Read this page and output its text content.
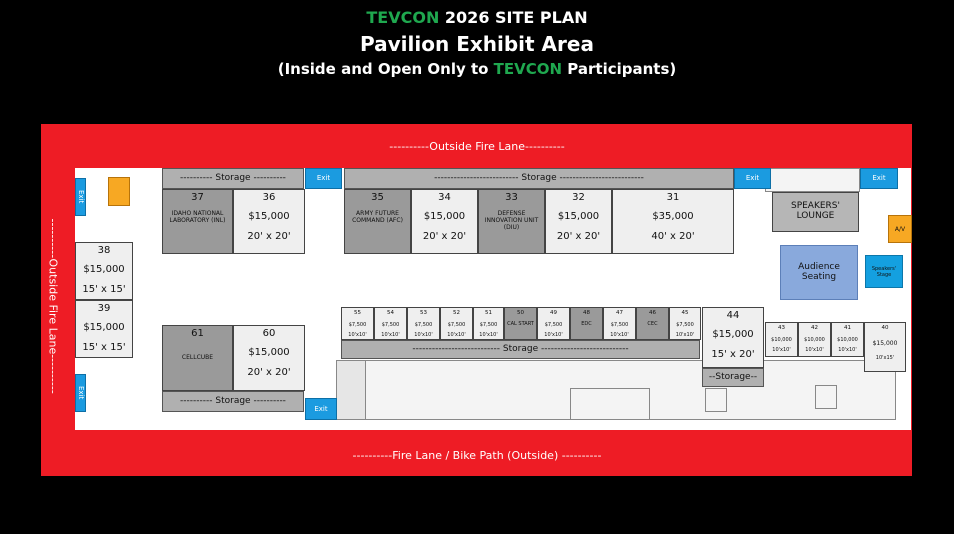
TEVCON 2026 SITE PLAN
Pavilion Exhibit Area
(Inside and Open Only to TEVCON Participants)
----------Outside Fire Lane----------
----------Fire Lane / Bike Path (Outside) ----------
----------Outside Fire Lane----------
---------- Storage ----------	-------------------------- Storage --------------------------
--------------------------- Storage ---------------------------
---------- Storage ----------
--Storage--
Exit	Exit	Exit
Exit
Exit
Exit
37
IDAHO NATIONAL LABORATORY (INL)
36
$15,000
20' x 20'
35
ARMY FUTURE COMMAND (AFC)
34
$15,000
20' x 20'
33
DEFENSE INNOVATION UNIT (DIU)
32
$15,000
20' x 20'
31
$35,000
40' x 20'
38
$15,000
15' x 15'
39
$15,000
15' x 15'
61
CELLCUBE
60
$15,000
20' x 20'
55
$7,500
10'x10'
54
$7,500
10'x10'
53
$7,500
10'x10'
52
$7,500
10'x10'
51
$7,500
10'x10'
50
CAL START
49
$7,500
10'x10'
48
EDC
47
$7,500
10'x10'
46
CEC
45
$7,500
10'x10'
44
$15,000
15' x 20'
43
$10,000
10'x10'
42
$10,000
10'x10'
41
$10,000
10'x10'
40
$15,000
10'x15'
SPEAKERS' LOUNGE
Audience Seating
Speakers' Stage
A/V
